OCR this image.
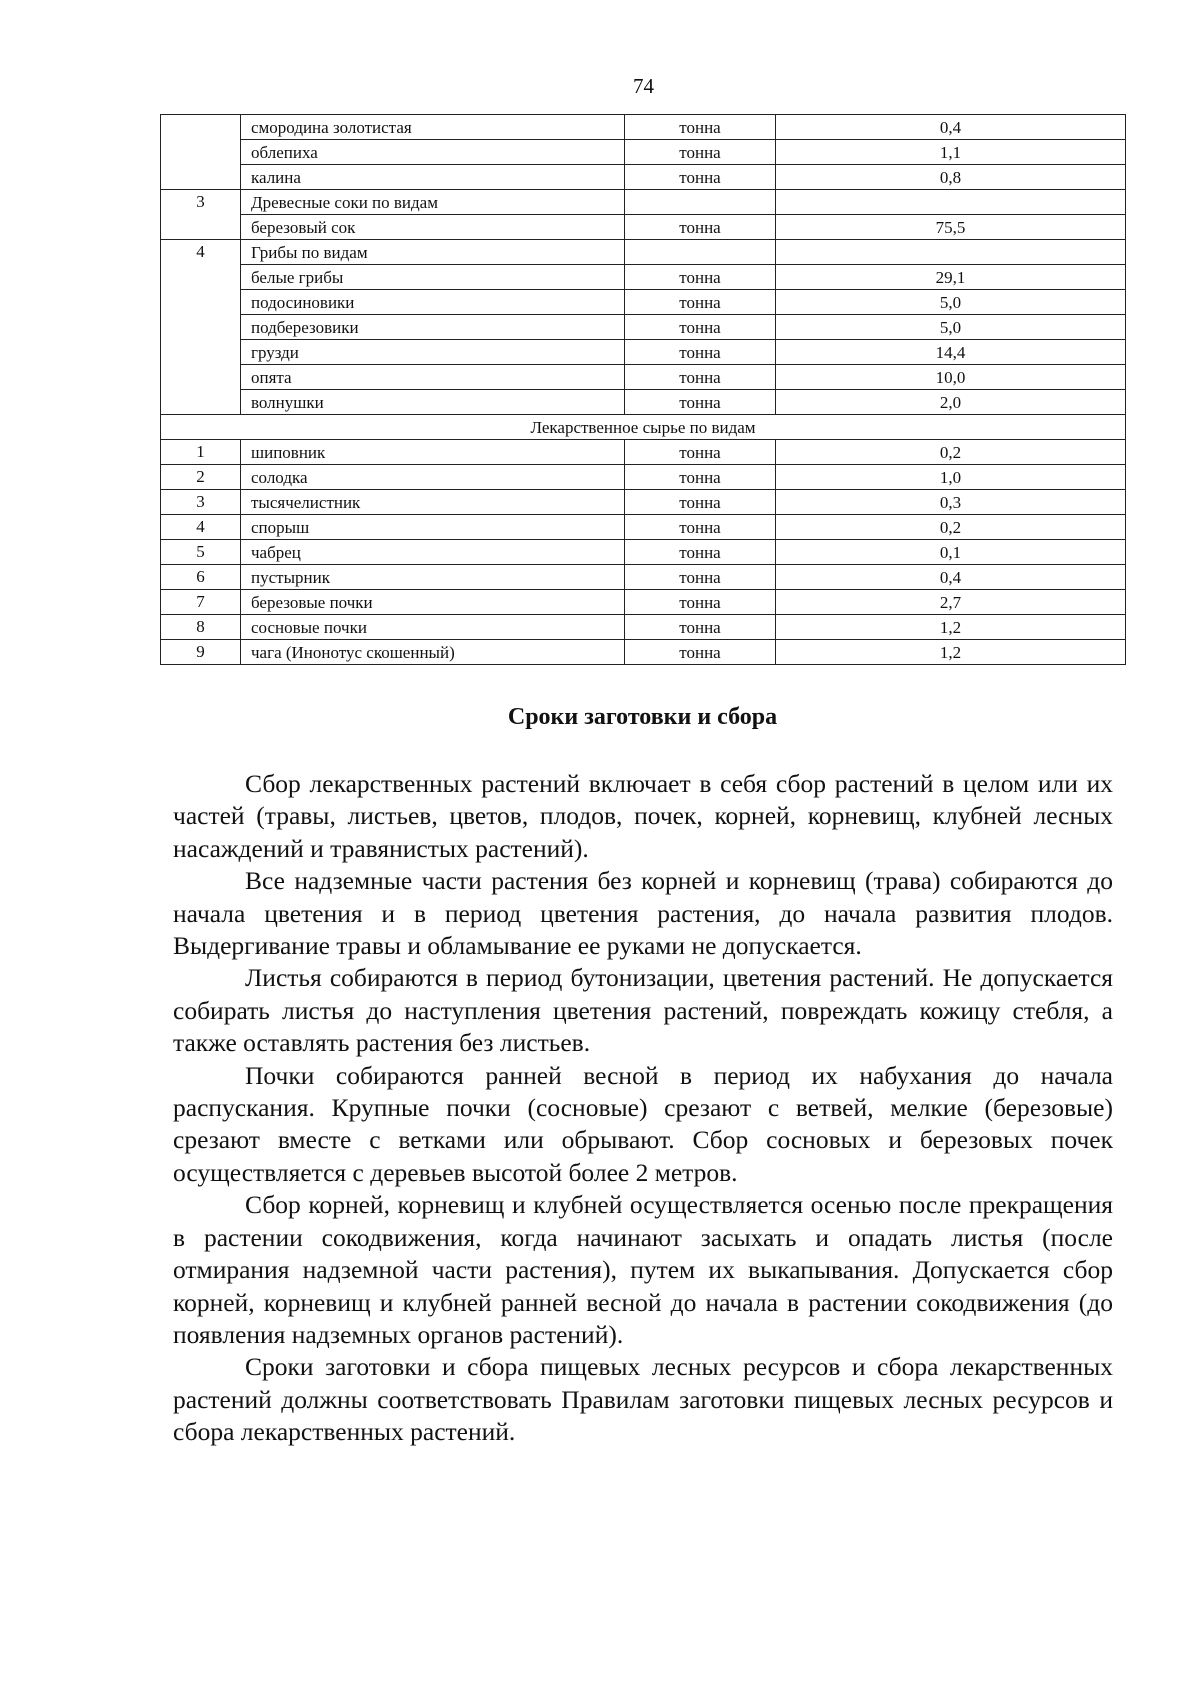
74
	смородина золотистая	тонна	0,4
	облепиха	тонна	1,1
	калина	тонна	0,8
3	Древесные соки по видам		
	березовый сок	тонна	75,5
4	Грибы по видам		
	белые грибы	тонна	29,1
	подосиновики	тонна	5,0
	подберезовики	тонна	5,0
	грузди	тонна	14,4
	опята	тонна	10,0
	волнушки	тонна	2,0
Лекарственное сырье по видам			
1	шиповник	тонна	0,2
2	солодка	тонна	1,0
3	тысячелистник	тонна	0,3
4	спорыш	тонна	0,2
5	чабрец	тонна	0,1
6	пустырник	тонна	0,4
7	березовые почки	тонна	2,7
8	сосновые почки	тонна	1,2
9	чага (Инонотус скошенный)	тонна	1,2
Сроки заготовки и сбора

Сбор лекарственных растений включает в себя сбор растений в целом или их частей (травы, листьев, цветов, плодов, почек, корней, корневищ, клубней лесных насаждений и травянистых растений).

Все надземные части растения без корней и корневищ (трава) собираются до начала цветения и в период цветения растения, до начала развития плодов. Выдергивание травы и обламывание ее руками не допускается.

Листья собираются в период бутонизации, цветения растений. Не допускается собирать листья до наступления цветения растений, повреждать кожицу стебля, а также оставлять растения без листьев.

Почки собираются ранней весной в период их набухания до начала распускания. Крупные почки (сосновые) срезают с ветвей, мелкие (березовые) срезают вместе с ветками или обрывают. Сбор сосновых и березовых почек осуществляется с деревьев высотой более 2 метров.

Сбор корней, корневищ и клубней осуществляется осенью после прекращения в растении сокодвижения, когда начинают засыхать и опадать листья (после отмирания надземной части растения), путем их выкапывания. Допускается сбор корней, корневищ и клубней ранней весной до начала в растении сокодвижения (до появления надземных органов растений).

Сроки заготовки и сбора пищевых лесных ресурсов и сбора лекарственных растений должны соответствовать Правилам заготовки пищевых лесных ресурсов и сбора лекарственных растений.
